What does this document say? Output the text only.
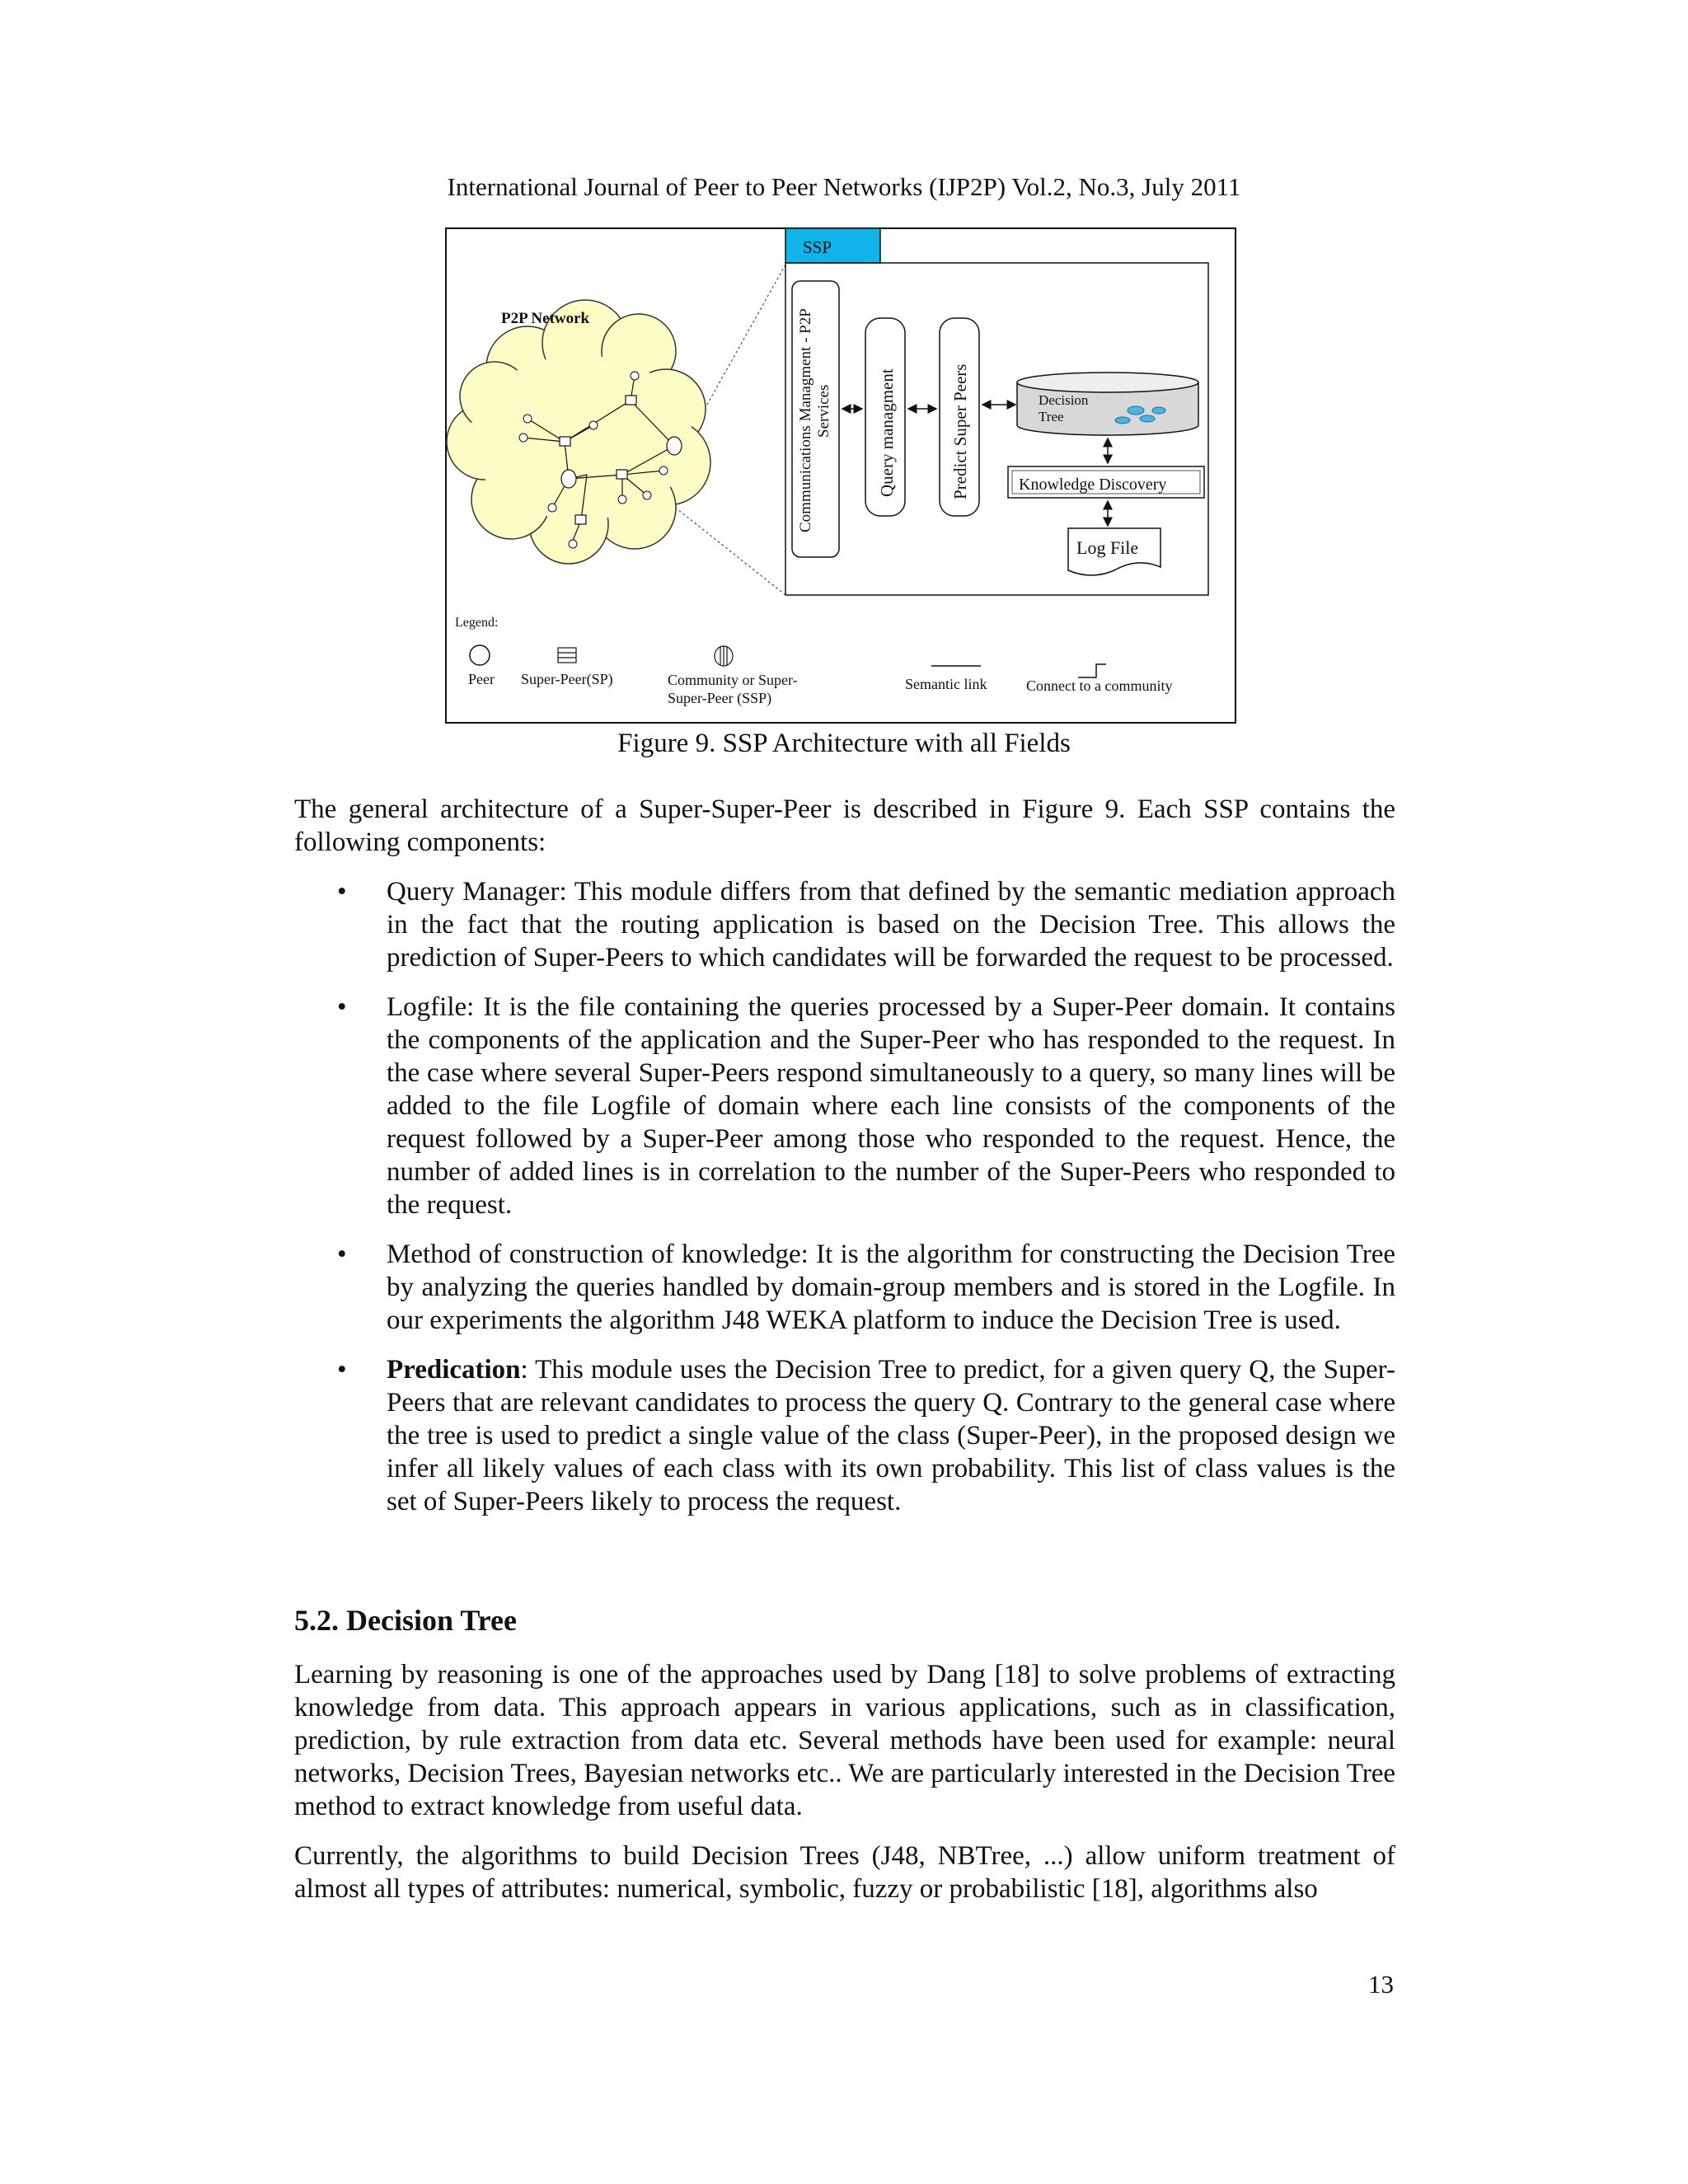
International Journal of Peer to Peer Networks (IJP2P) Vol.2, No.3, July 2011
SSP
P2P Network	Communications Managment - P2P Services	Query managment	Predict Super Peers	Decision
Tree
Knowledge Discovery
Log File
Legend:
Peer Super-Peer(SP)	Community or Super-
Super-Peer (SSP)
Semantic link	Connect to a community
Figure 9. SSP Architecture with all Fields

The general architecture of a Super-Super-Peer is described in Figure 9. Each SSP contains the following components:

• Query Manager: This module differs from that defined by the semantic mediation approach in the fact that the routing application is based on the Decision Tree. This allows the prediction of Super-Peers to which candidates will be forwarded the request to be processed.
• Logfile: It is the file containing the queries processed by a Super-Peer domain. It contains the components of the application and the Super-Peer who has responded to the request. In the case where several Super-Peers respond simultaneously to a query, so many lines will be added to the file Logfile of domain where each line consists of the components of the request followed by a Super-Peer among those who responded to the request. Hence, the number of added lines is in correlation to the number of the Super-Peers who responded to the request.
• Method of construction of knowledge: It is the algorithm for constructing the Decision Tree by analyzing the queries handled by domain-group members and is stored in the Logfile. In our experiments the algorithm J48 WEKA platform to induce the Decision Tree is used.
• Predication: This module uses the Decision Tree to predict, for a given query Q, the Super-Peers that are relevant candidates to process the query Q. Contrary to the general case where the tree is used to predict a single value of the class (Super-Peer), in the proposed design we infer all likely values of each class with its own probability. This list of class values is the set of Super-Peers likely to process the request.
5.2. Decision Tree

Learning by reasoning is one of the approaches used by Dang [18] to solve problems of extracting knowledge from data. This approach appears in various applications, such as in classification, prediction, by rule extraction from data etc. Several methods have been used for example: neural networks, Decision Trees, Bayesian networks etc.. We are particularly interested in the Decision Tree method to extract knowledge from useful data.

Currently, the algorithms to build Decision Trees (J48, NBTree, ...) allow uniform treatment of almost all types of attributes: numerical, symbolic, fuzzy or probabilistic [18], algorithms also

13
